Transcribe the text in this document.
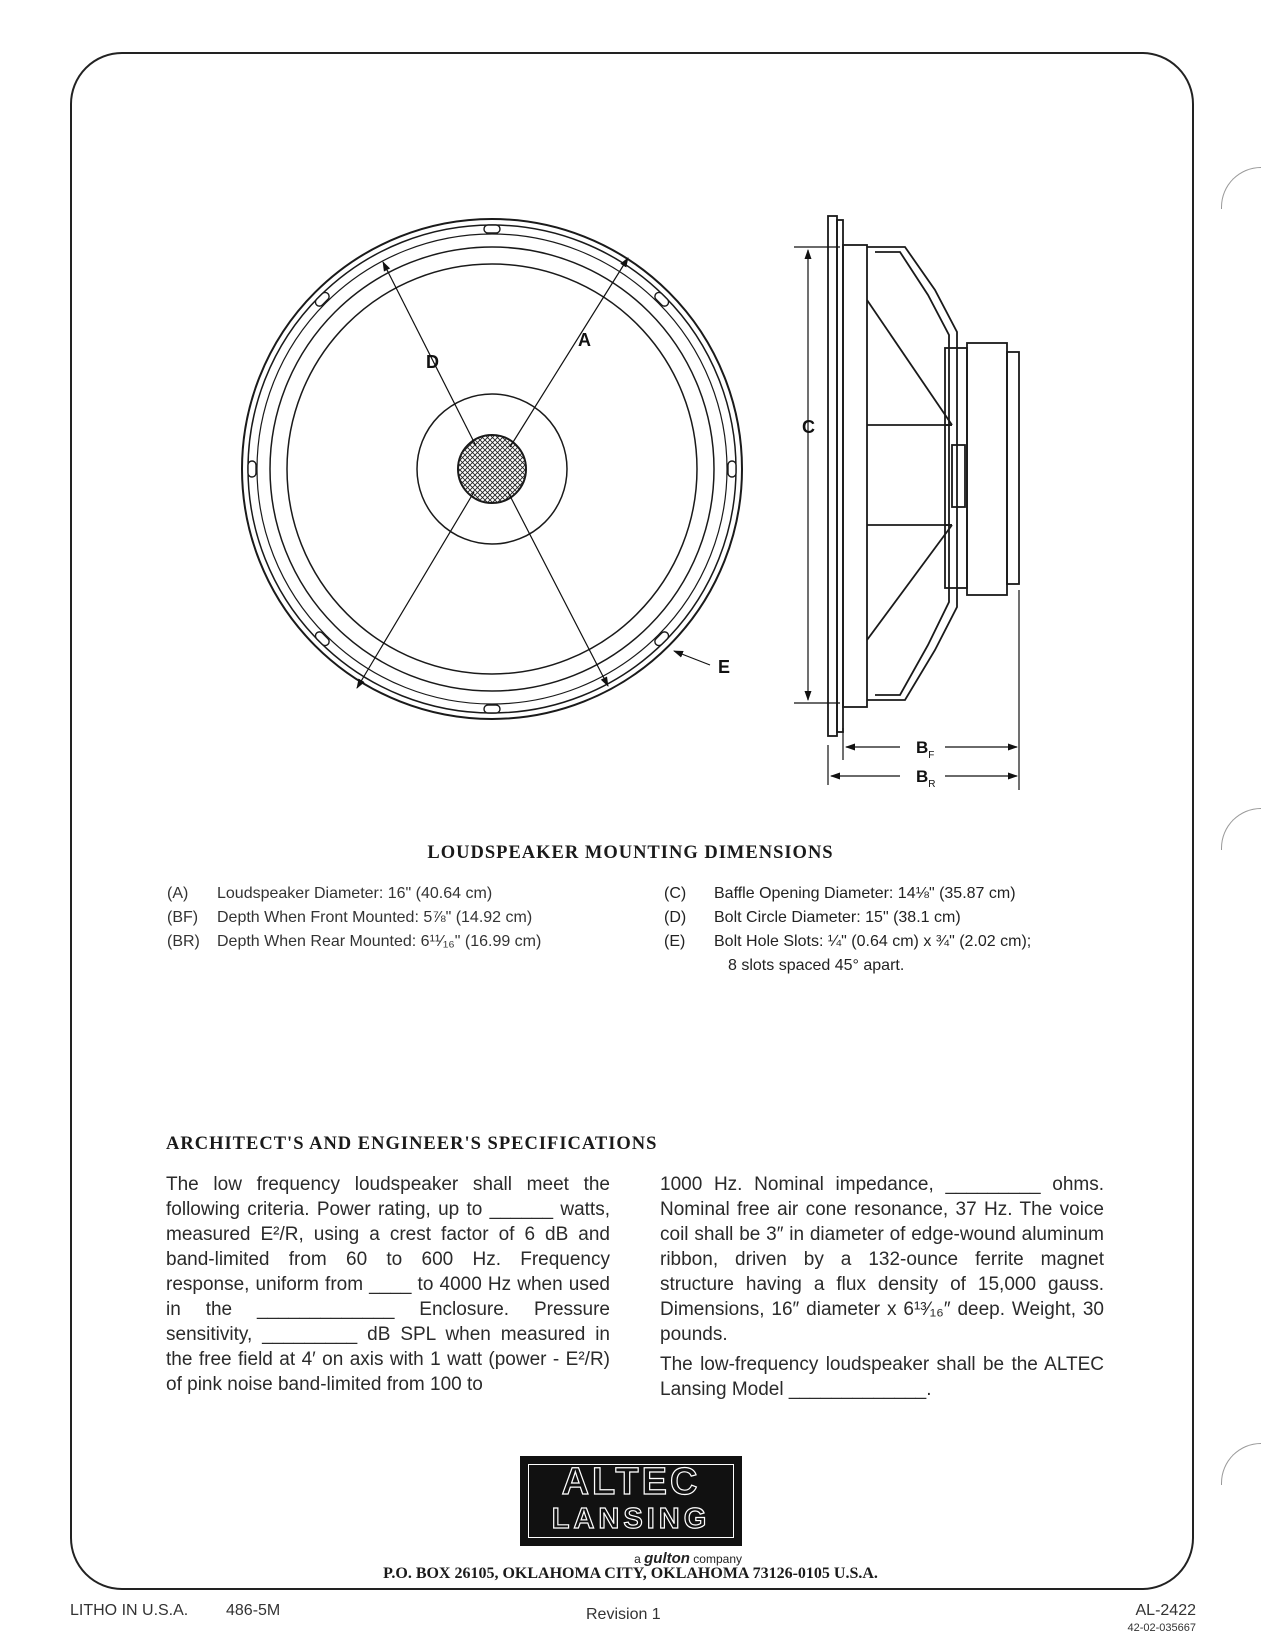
A
D
E
C
$B_F$
$B_R$
LOUDSPEAKER MOUNTING DIMENSIONS
(A)	Loudspeaker Diameter: 16" (40.64 cm)
(BF)	Depth When Front Mounted: 5⅞" (14.92 cm)
(BR)	Depth When Rear Mounted: 6¹¹⁄₁₆" (16.99 cm)
(C)	Baffle Opening Diameter: 14⅛" (35.87 cm)
(D)	Bolt Circle Diameter: 15" (38.1 cm)
(E)	Bolt Hole Slots: ¼" (0.64 cm) x ¾" (2.02 cm);
8 slots spaced 45° apart.
ARCHITECT'S AND ENGINEER'S SPECIFICATIONS
The low frequency loudspeaker shall meet the following criteria. Power rating, up to ______ watts, measured E²/R, using a crest factor of 6 dB and band-limited from 60 to 600 Hz. Frequency response, uniform from ____ to 4000 Hz when used in the _____________ Enclosure. Pressure sensitivity, _________ dB SPL when measured in the free field at 4′ on axis with 1 watt (power - E²/R) of pink noise band-limited from 100 to
1000 Hz. Nominal impedance, _________ ohms. Nominal free air cone resonance, 37 Hz. The voice coil shall be 3″ in diameter of edge-wound aluminum ribbon, driven by a 132-ounce ferrite magnet structure having a flux density of 15,000 gauss. Dimensions, 16″ diameter x 6¹³⁄₁₆″ deep. Weight, 30 pounds.
The low-frequency loudspeaker shall be the ALTEC Lansing Model _____________.
ALTEC
LANSING
a gulton company
P.O. BOX 26105, OKLAHOMA CITY, OKLAHOMA 73126-0105 U.S.A.
LITHO IN U.S.A. 486-5M	Revision 1	AL-2422
42-02-035667
